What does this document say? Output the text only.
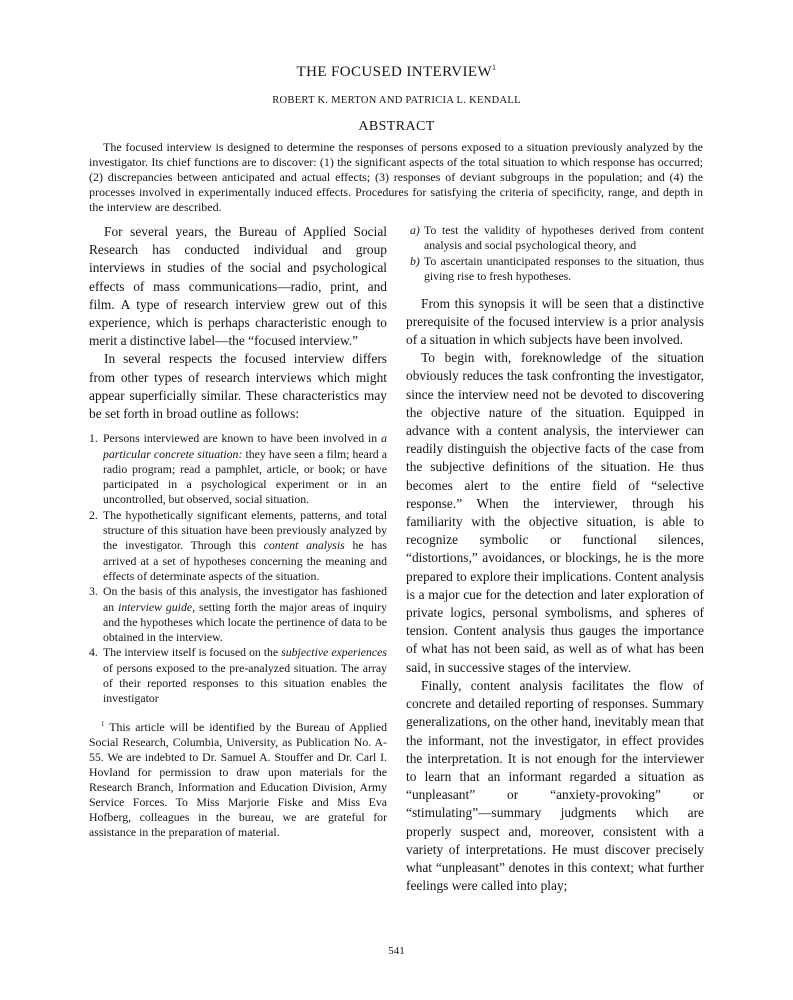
THE FOCUSED INTERVIEW$^1$
ROBERT K. MERTON AND PATRICIA L. KENDALL
ABSTRACT
The focused interview is designed to determine the responses of persons exposed to a situation previously analyzed by the investigator. Its chief functions are to discover: (1) the significant aspects of the total situation to which response has occurred; (2) discrepancies between anticipated and actual effects; (3) responses of deviant subgroups in the population; and (4) the processes involved in experimentally induced effects. Procedures for satisfying the criteria of specificity, range, and depth in the interview are described.

For several years, the Bureau of Applied Social Research has conducted individual and group interviews in studies of the social and psychological effects of mass communications—radio, print, and film. A type of research interview grew out of this experience, which is perhaps characteristic enough to merit a distinctive label—the “focused interview.”

In several respects the focused interview differs from other types of research interviews which might appear superficially similar. These characteristics may be set forth in broad outline as follows:

1. Persons interviewed are known to have been involved in a particular concrete situation: they have seen a film; heard a radio program; read a pamphlet, article, or book; or have participated in a psychological experiment or in an uncontrolled, but observed, social situation.
2. The hypothetically significant elements, patterns, and total structure of this situation have been previously analyzed by the investigator. Through this content analysis he has arrived at a set of hypotheses concerning the meaning and effects of determinate aspects of the situation.
3. On the basis of this analysis, the investigator has fashioned an interview guide, setting forth the major areas of inquiry and the hypotheses which locate the pertinence of data to be obtained in the interview.
4. The interview itself is focused on the subjective experiences of persons exposed to the pre-analyzed situation. The array of their reported responses to this situation enables the investigator

$^1$ This article will be identified by the Bureau of Applied Social Research, Columbia, University, as Publication No. A-55. We are indebted to Dr. Samuel A. Stouffer and Dr. Carl I. Hovland for permission to draw upon materials for the Research Branch, Information and Education Division, Army Service Forces. To Miss Marjorie Fiske and Miss Eva Hofberg, colleagues in the bureau, we are grateful for assistance in the preparation of material.

a) To test the validity of hypotheses derived from content analysis and social psychological theory, and
b) To ascertain unanticipated responses to the situation, thus giving rise to fresh hypotheses.

From this synopsis it will be seen that a distinctive prerequisite of the focused interview is a prior analysis of a situation in which subjects have been involved.

To begin with, foreknowledge of the situation obviously reduces the task confronting the investigator, since the interview need not be devoted to discovering the objective nature of the situation. Equipped in advance with a content analysis, the interviewer can readily distinguish the objective facts of the case from the subjective definitions of the situation. He thus becomes alert to the entire field of “selective response.” When the interviewer, through his familiarity with the objective situation, is able to recognize symbolic or functional silences, “distortions,” avoidances, or blockings, he is the more prepared to explore their implications. Content analysis is a major cue for the detection and later exploration of private logics, personal symbolisms, and spheres of tension. Content analysis thus gauges the importance of what has not been said, as well as of what has been said, in successive stages of the interview.

Finally, content analysis facilitates the flow of concrete and detailed reporting of responses. Summary generalizations, on the other hand, inevitably mean that the informant, not the investigator, in effect provides the interpretation. It is not enough for the interviewer to learn that an informant regarded a situation as “unpleasant” or “anxiety-provoking” or “stimulating”—summary judgments which are properly suspect and, moreover, consistent with a variety of interpretations. He must discover precisely what “unpleasant” denotes in this context; what further feelings were called into play;

541
